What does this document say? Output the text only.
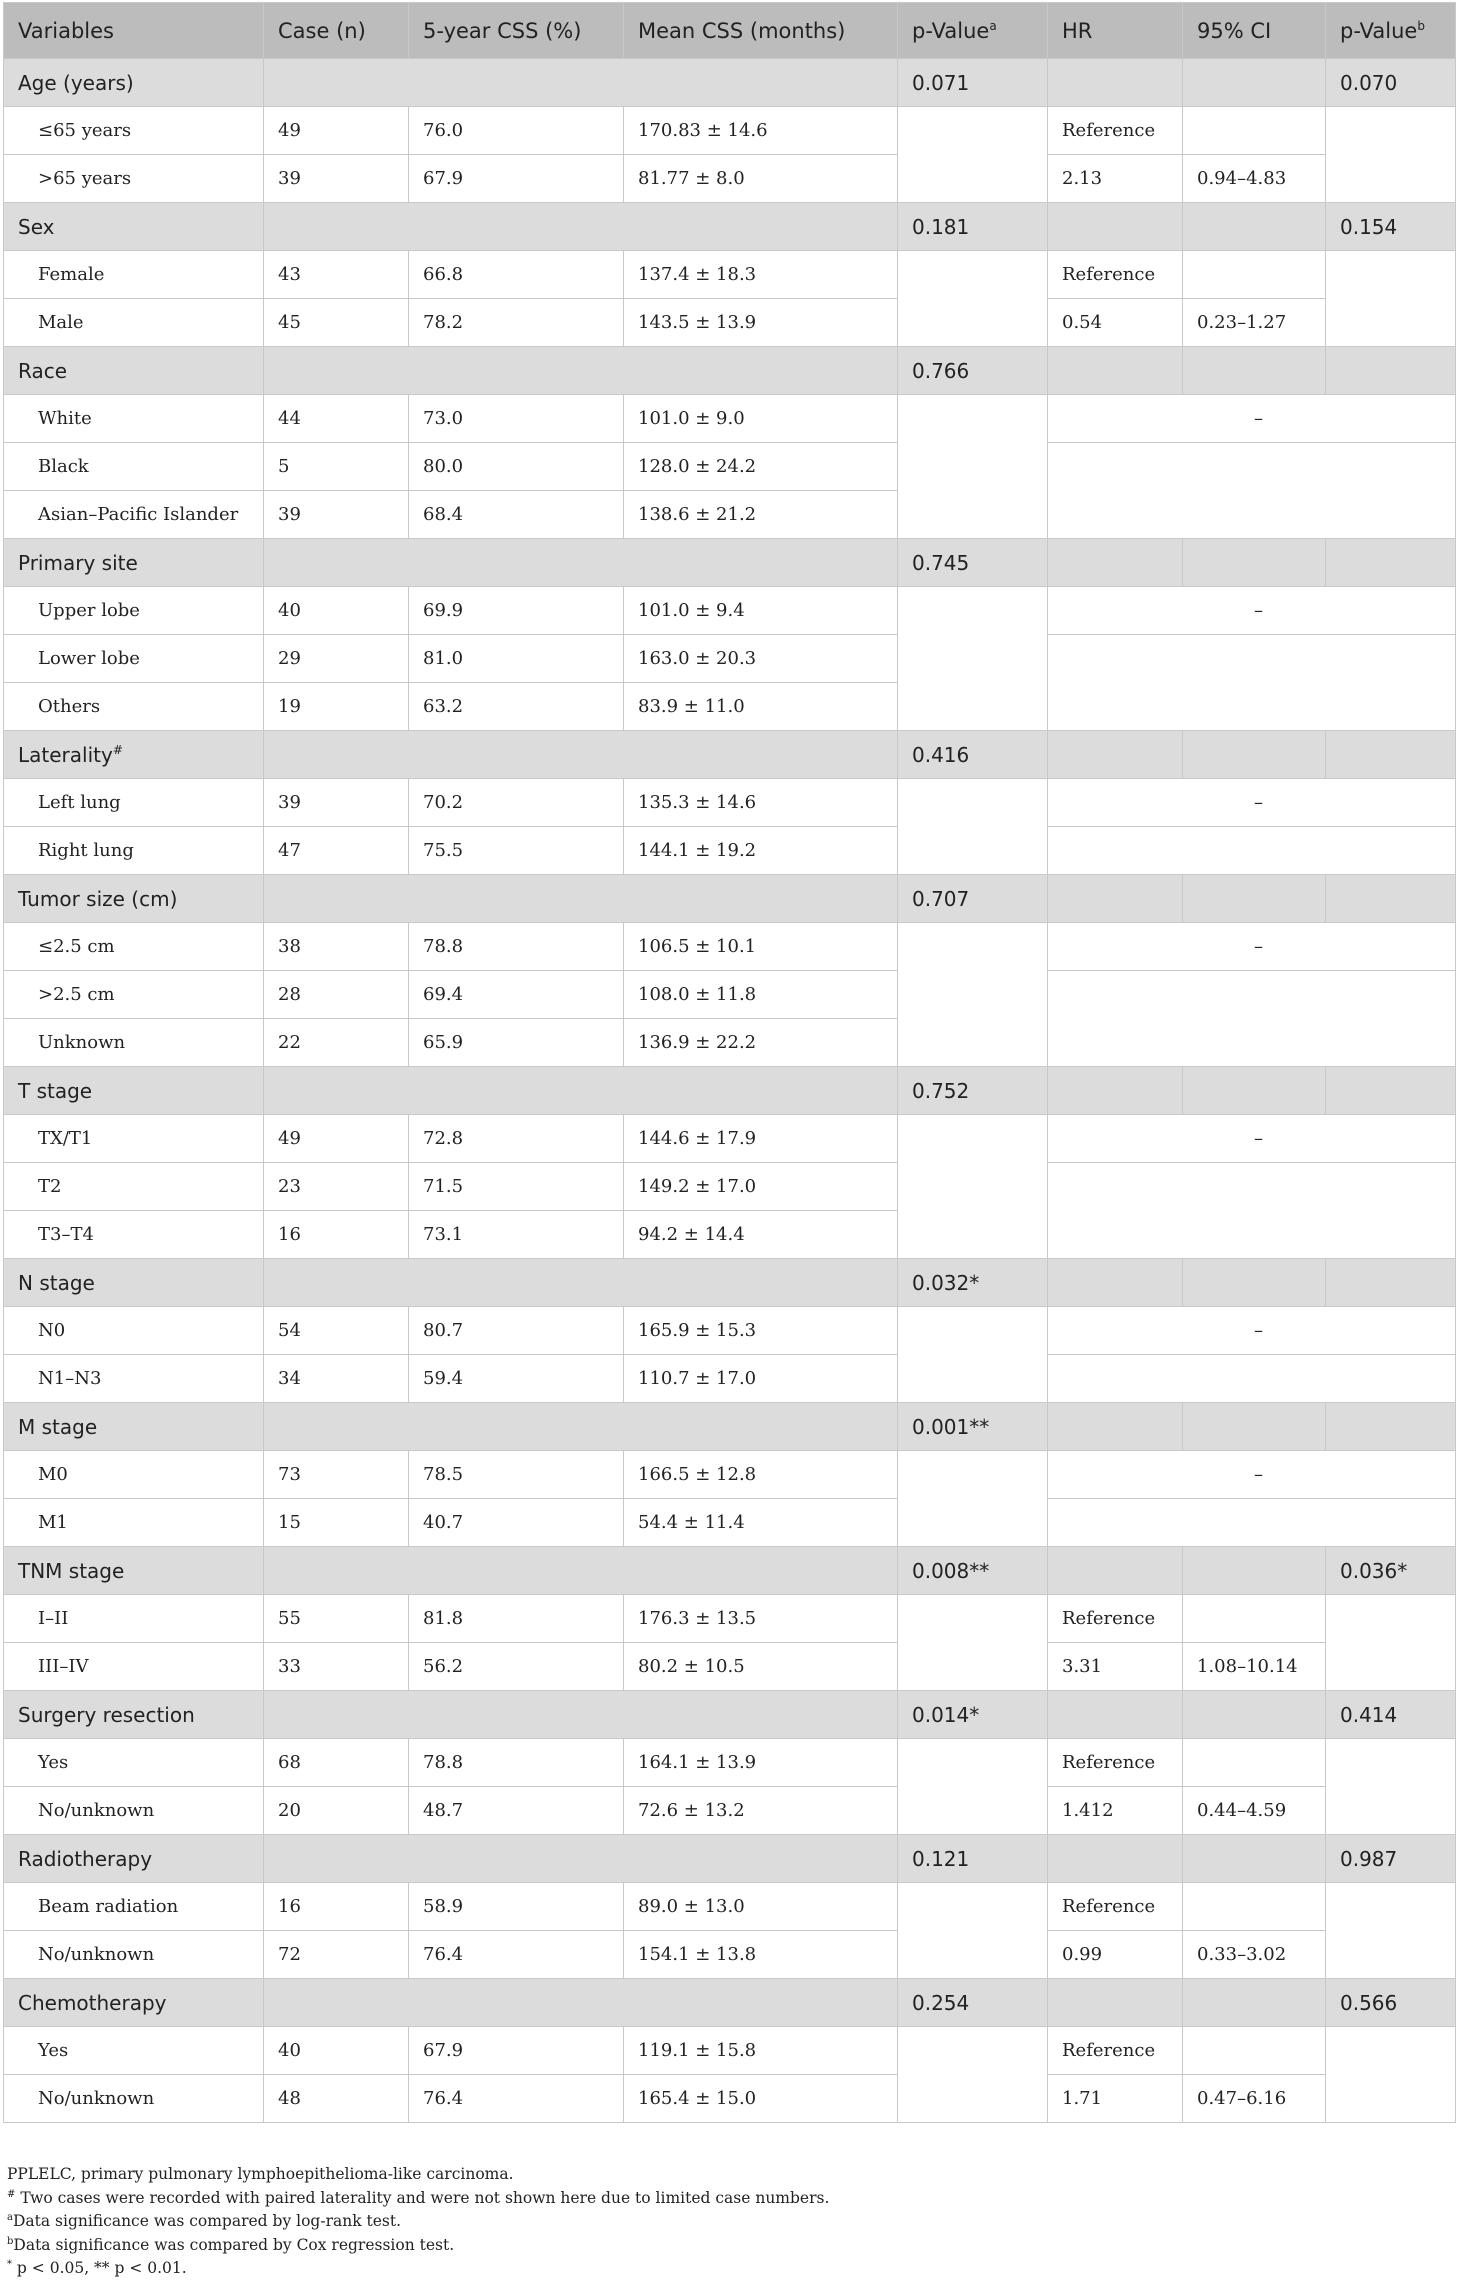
Variables	Case (n)	5-year CSS (%)	Mean CSS (months)	p-Value$^a$	HR	95% CI	p-Value$^b$
Age (years)				0.071			0.070
≤65 years	49	76.0	170.83 ± 14.6		Reference		
>65 years	39	67.9	81.77 ± 8.0		2.13	0.94–4.83	
Sex				0.181			0.154
Female	43	66.8	137.4 ± 18.3		Reference		
Male	45	78.2	143.5 ± 13.9		0.54	0.23–1.27	
Race				0.766			
White	44	73.0	101.0 ± 9.0		–		
Black	5	80.0	128.0 ± 24.2				
Asian–Pacific Islander	39	68.4	138.6 ± 21.2				
Primary site				0.745			
Upper lobe	40	69.9	101.0 ± 9.4		–		
Lower lobe	29	81.0	163.0 ± 20.3				
Others	19	63.2	83.9 ± 11.0				
Laterality#				0.416			
Left lung	39	70.2	135.3 ± 14.6		–		
Right lung	47	75.5	144.1 ± 19.2				
Tumor size (cm)				0.707			
≤2.5 cm	38	78.8	106.5 ± 10.1		–		
>2.5 cm	28	69.4	108.0 ± 11.8				
Unknown	22	65.9	136.9 ± 22.2				
T stage				0.752			
TX/T1	49	72.8	144.6 ± 17.9		–		
T2	23	71.5	149.2 ± 17.0				
T3–T4	16	73.1	94.2 ± 14.4				
N stage				0.032*			
N0	54	80.7	165.9 ± 15.3		–		
N1–N3	34	59.4	110.7 ± 17.0				
M stage				0.001**			
M0	73	78.5	166.5 ± 12.8		–		
M1	15	40.7	54.4 ± 11.4				
TNM stage				0.008**			0.036*
I–II	55	81.8	176.3 ± 13.5		Reference		
III–IV	33	56.2	80.2 ± 10.5		3.31	1.08–10.14	
Surgery resection				0.014*			0.414
Yes	68	78.8	164.1 ± 13.9		Reference		
No/unknown	20	48.7	72.6 ± 13.2		1.412	0.44–4.59	
Radiotherapy				0.121			0.987
Beam radiation	16	58.9	89.0 ± 13.0		Reference		
No/unknown	72	76.4	154.1 ± 13.8		0.99	0.33–3.02	
Chemotherapy				0.254			0.566
Yes	40	67.9	119.1 ± 15.8		Reference		
No/unknown	48	76.4	165.4 ± 15.0		1.71	0.47–6.16	
PPLELC, primary pulmonary lymphoepithelioma-like carcinoma.
# Two cases were recorded with paired laterality and were not shown here due to limited case numbers.
$^a$Data significance was compared by log-rank test.
$^b$Data significance was compared by Cox regression test.
* p < 0.05, ** p < 0.01.
